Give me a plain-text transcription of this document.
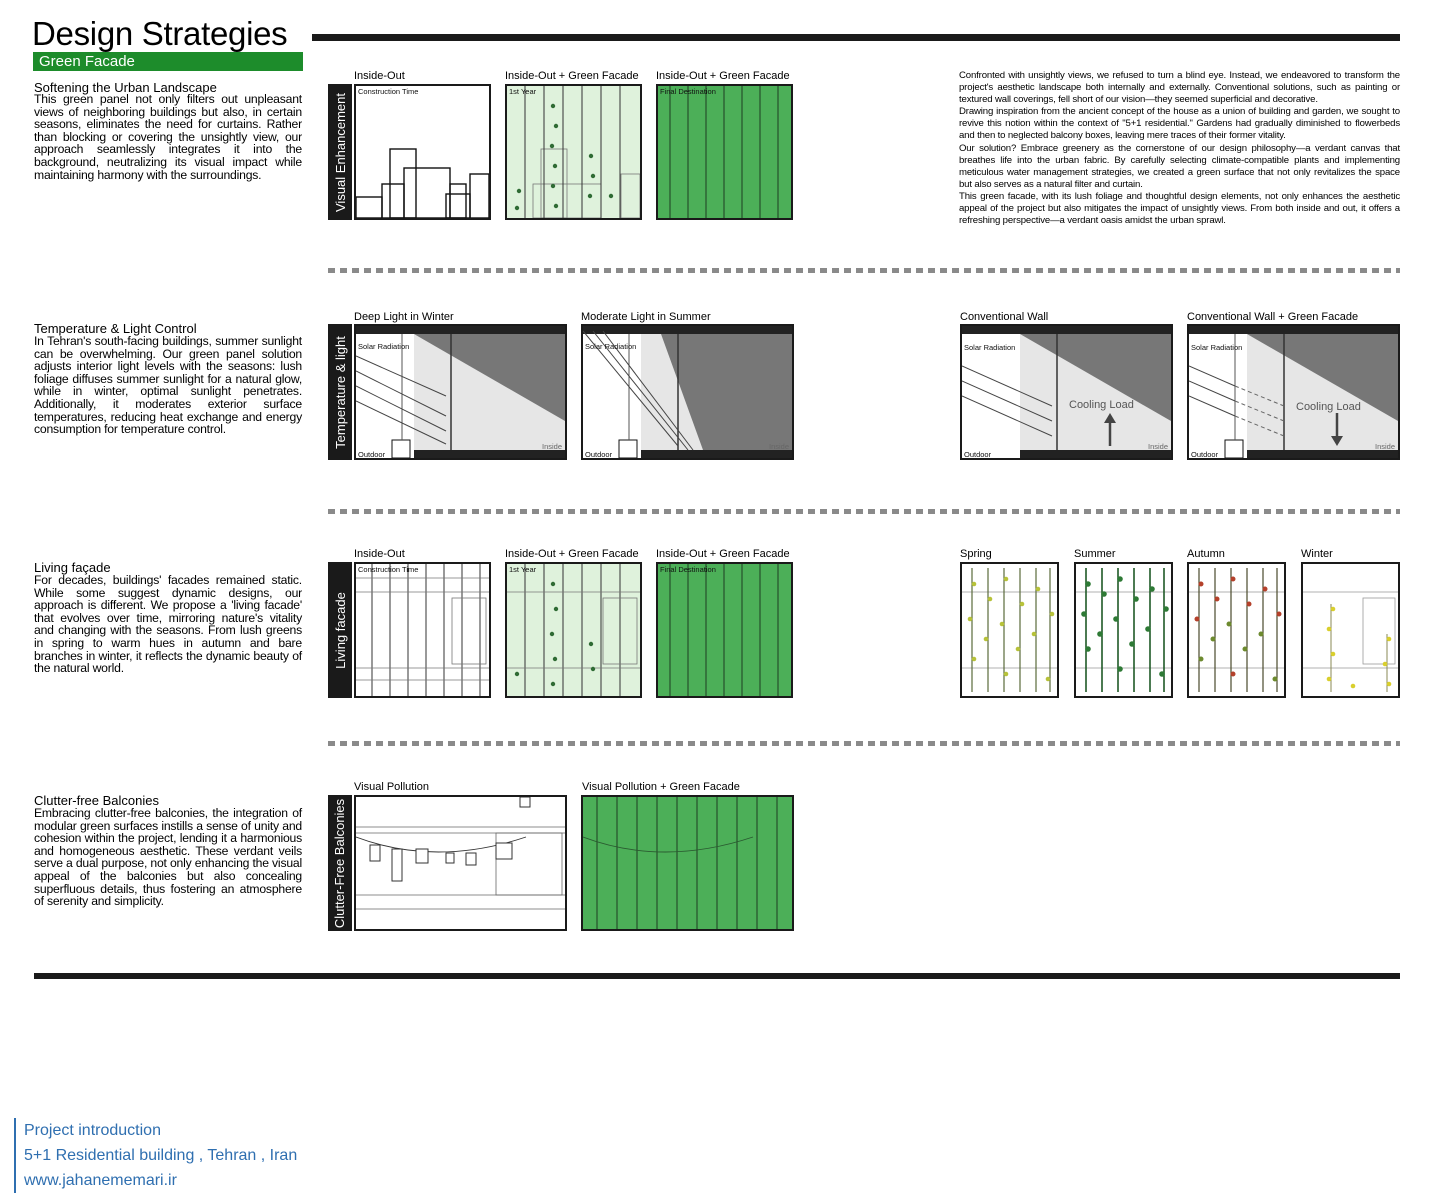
Design Strategies
Green Facade
Softening the Urban Landscape
This green panel not only filters out unpleasant views of neighboring buildings but also, in certain seasons, eliminates the need for curtains. Rather than blocking or covering the unsightly view, our approach seamlessly integrates it into the background, neutralizing its visual impact while maintaining harmony with the surroundings.
Temperature & Light Control
In Tehran's south-facing buildings, summer sunlight can be overwhelming. Our green panel solution adjusts interior light levels with the seasons: lush foliage diffuses summer sunlight for a natural glow, while in winter, optimal sunlight penetrates. Additionally, it moderates exterior surface temperatures, reducing heat exchange and energy consumption for temperature control.
Living façade
For decades, buildings' facades remained static. While some suggest dynamic designs, our approach is different. We propose a 'living facade' that evolves over time, mirroring nature's vitality and changing with the seasons. From lush greens in spring to warm hues in autumn and bare branches in winter, it reflects the dynamic beauty of the natural world.
Clutter-free Balconies
Embracing clutter-free balconies, the integration of modular green surfaces instills a sense of unity and cohesion within the project, lending it a harmonious and homogeneous aesthetic. These verdant veils serve a dual purpose, not only enhancing the visual appeal of the balconies but also concealing superfluous details, thus fostering an atmosphere of serenity and simplicity.

Confronted with unsightly views, we refused to turn a blind eye. Instead, we endeavored to transform the project's aesthetic landscape both internally and externally. Conventional solutions, such as painting or textured wall coverings, fell short of our vision—they seemed superficial and decorative.

Drawing inspiration from the ancient concept of the house as a union of building and garden, we sought to revive this notion within the context of "5+1 residential." Gardens had gradually diminished to flowerbeds and then to neglected balcony boxes, leaving mere traces of their former vitality.

Our solution? Embrace greenery as the cornerstone of our design philosophy—a verdant canvas that breathes life into the urban fabric. By carefully selecting climate-compatible plants and implementing meticulous water management strategies, we created a green surface that not only revitalizes the space but also serves as a natural filter and curtain.

This green facade, with its lush foliage and thoughtful design elements, not only enhances the aesthetic appeal of the project but also mitigates the impact of unsightly views. From both inside and out, it offers a refreshing perspective—a verdant oasis amidst the urban sprawl.

Visual Enhancement
Inside-Out
Construction Time
Inside-Out + Green Facade
1st Year
Inside-Out + Green Facade
Final Destination
Temperature & light
Deep Light in Winter
Solar Radiation
Outdoor
Inside
Moderate Light in Summer
Solar Radiation
Outdoor
Inside
Conventional Wall
Solar Radiation
Outdoor
Inside
Cooling Load
Conventional Wall + Green Facade
Solar Radiation
Outdoor
Inside
Cooling Load
Living facade
Inside-Out
Construction Time
Inside-Out + Green Facade
1st Year
Inside-Out + Green Facade
Final Destination
Spring	Summer	Autumn	Winter
Clutter-Free Balconies
Visual Pollution	Visual Pollution + Green Facade
Project introduction
5+1 Residential building , Tehran , Iran
www.jahanememari.ir
